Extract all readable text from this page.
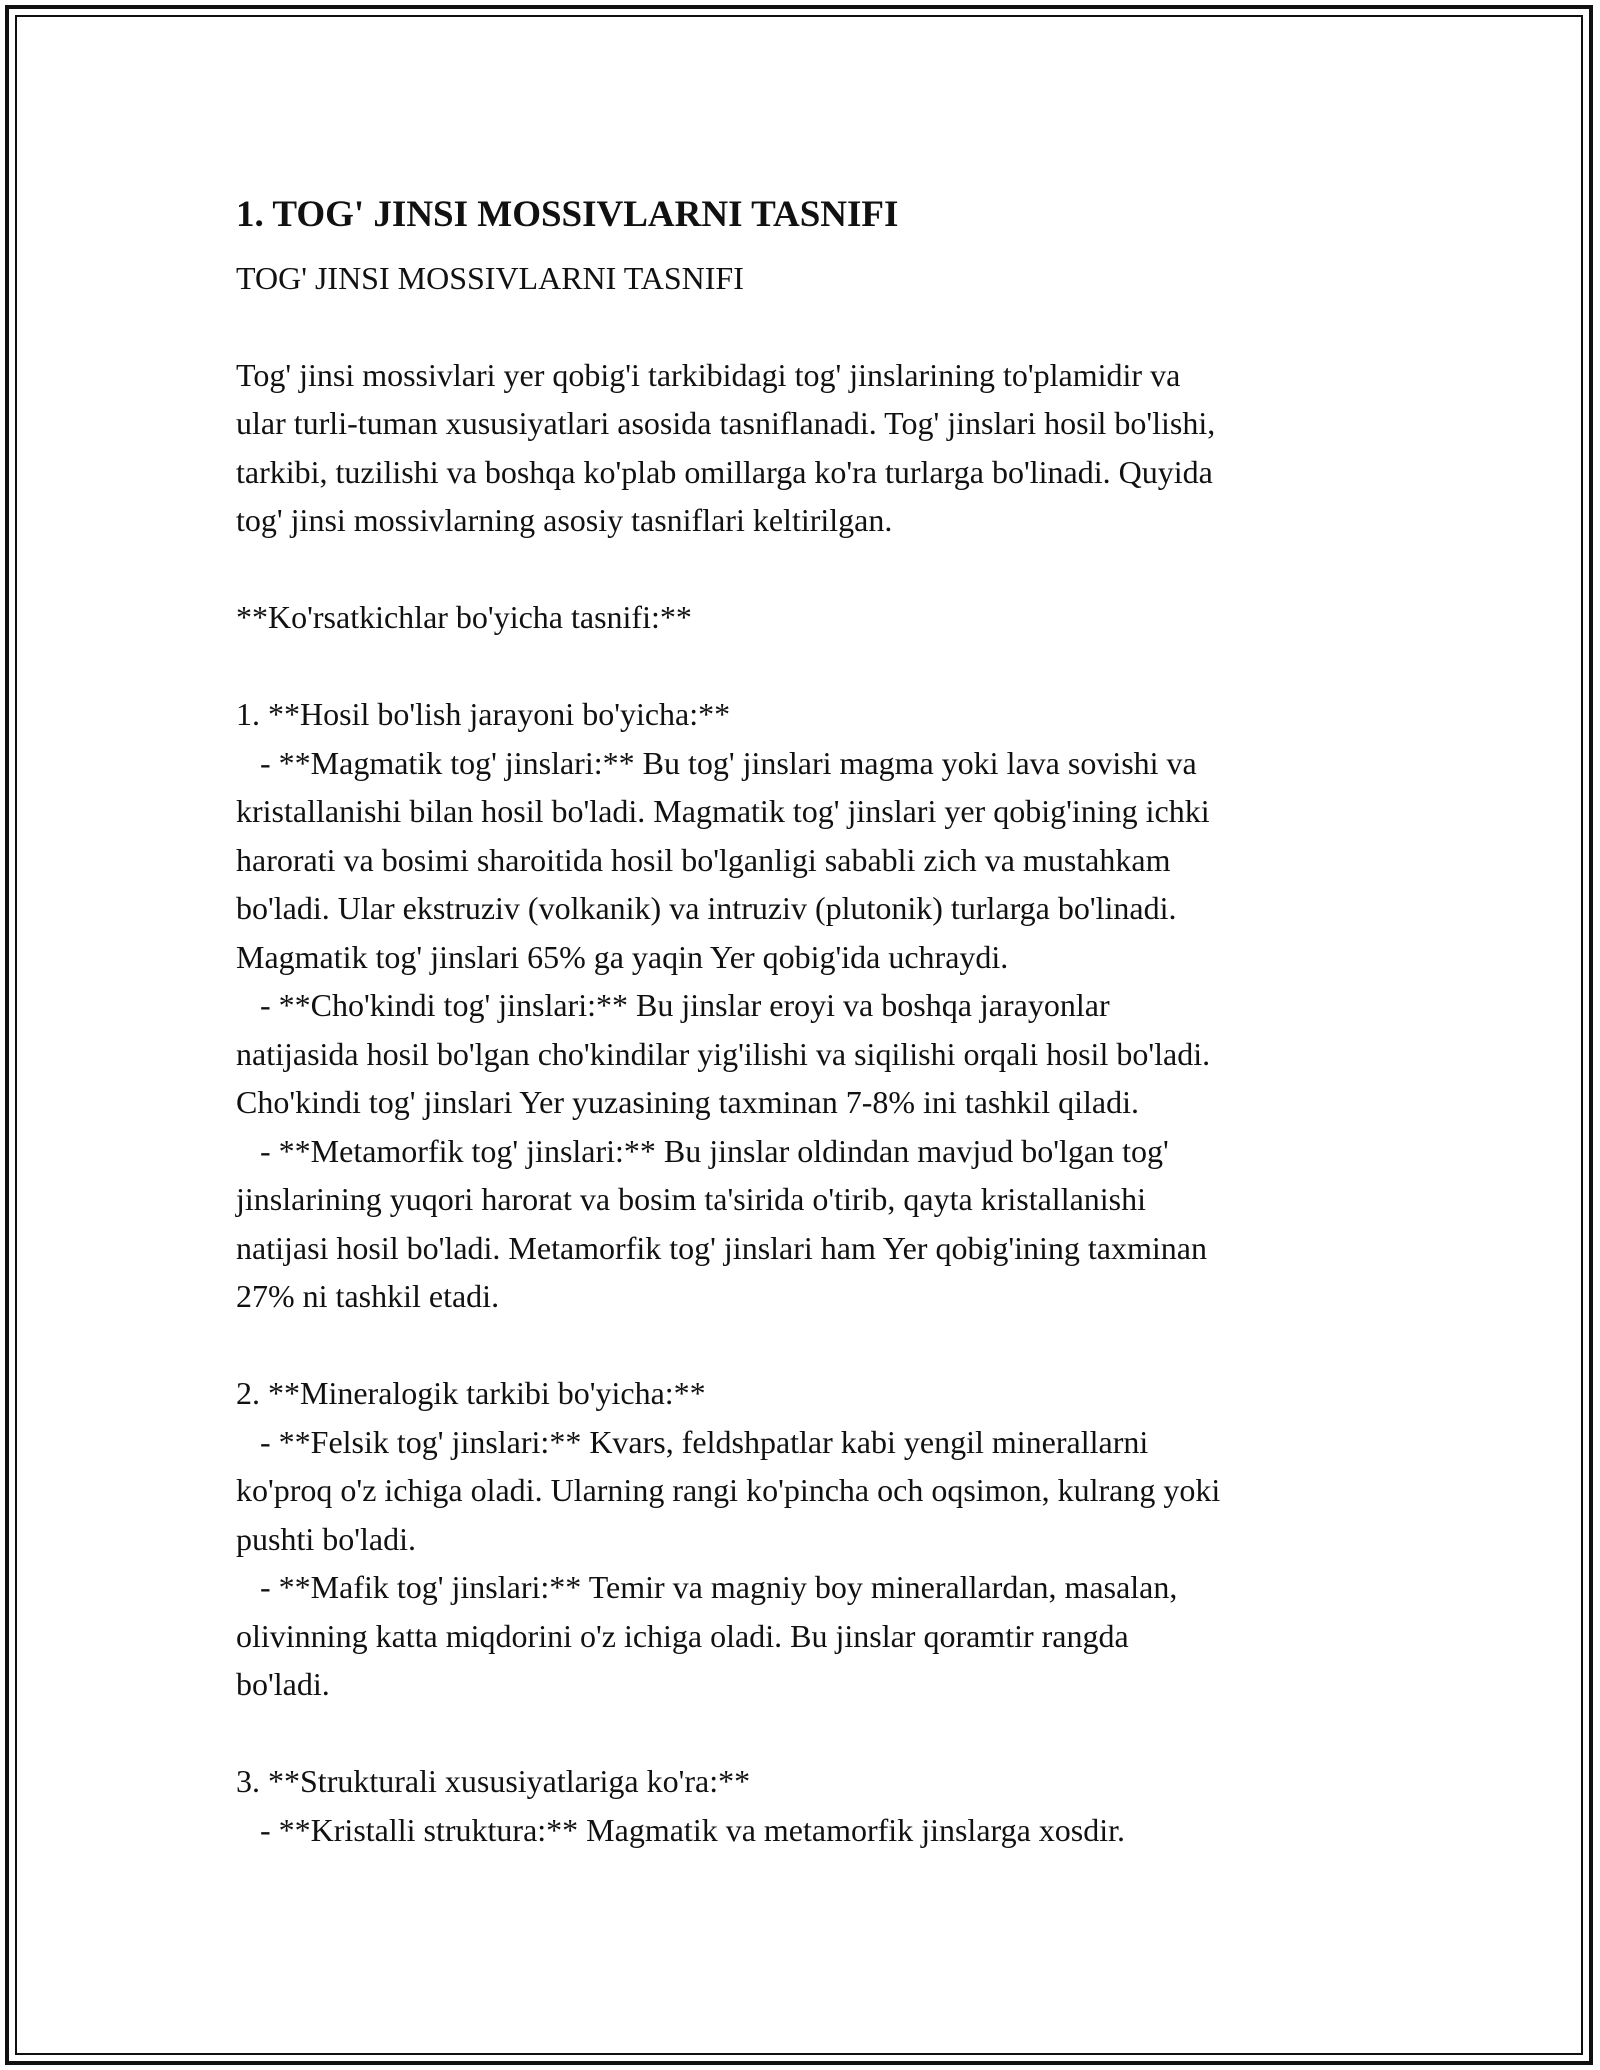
1. TOG' JINSI MOSSIVLARNI TASNIFI

TOG' JINSI MOSSIVLARNI TASNIFI

Tog' jinsi mossivlari yer qobig'i tarkibidagi tog' jinslarining to'plamidir va

ular turli-tuman xususiyatlari asosida tasniflanadi. Tog' jinslari hosil bo'lishi,

tarkibi, tuzilishi va boshqa ko'plab omillarga ko'ra turlarga bo'linadi. Quyida

tog' jinsi mossivlarning asosiy tasniflari keltirilgan.

**Ko'rsatkichlar bo'yicha tasnifi:**

1. **Hosil bo'lish jarayoni bo'yicha:**

- **Magmatik tog' jinslari:** Bu tog' jinslari magma yoki lava sovishi va

kristallanishi bilan hosil bo'ladi. Magmatik tog' jinslari yer qobig'ining ichki

harorati va bosimi sharoitida hosil bo'lganligi sababli zich va mustahkam

bo'ladi. Ular ekstruziv (volkanik) va intruziv (plutonik) turlarga bo'linadi.

Magmatik tog' jinslari 65% ga yaqin Yer qobig'ida uchraydi.

- **Cho'kindi tog' jinslari:** Bu jinslar eroyi va boshqa jarayonlar

natijasida hosil bo'lgan cho'kindilar yig'ilishi va siqilishi orqali hosil bo'ladi.

Cho'kindi tog' jinslari Yer yuzasining taxminan 7-8% ini tashkil qiladi.

- **Metamorfik tog' jinslari:** Bu jinslar oldindan mavjud bo'lgan tog'

jinslarining yuqori harorat va bosim ta'sirida o'tirib, qayta kristallanishi

natijasi hosil bo'ladi. Metamorfik tog' jinslari ham Yer qobig'ining taxminan

27% ni tashkil etadi.

2. **Mineralogik tarkibi bo'yicha:**

- **Felsik tog' jinslari:** Kvars, feldshpatlar kabi yengil minerallarni

ko'proq o'z ichiga oladi. Ularning rangi ko'pincha och oqsimon, kulrang yoki

pushti bo'ladi.

- **Mafik tog' jinslari:** Temir va magniy boy minerallardan, masalan,

olivinning katta miqdorini o'z ichiga oladi. Bu jinslar qoramtir rangda

bo'ladi.

3. **Strukturali xususiyatlariga ko'ra:**

- **Kristalli struktura:** Magmatik va metamorfik jinslarga xosdir.
